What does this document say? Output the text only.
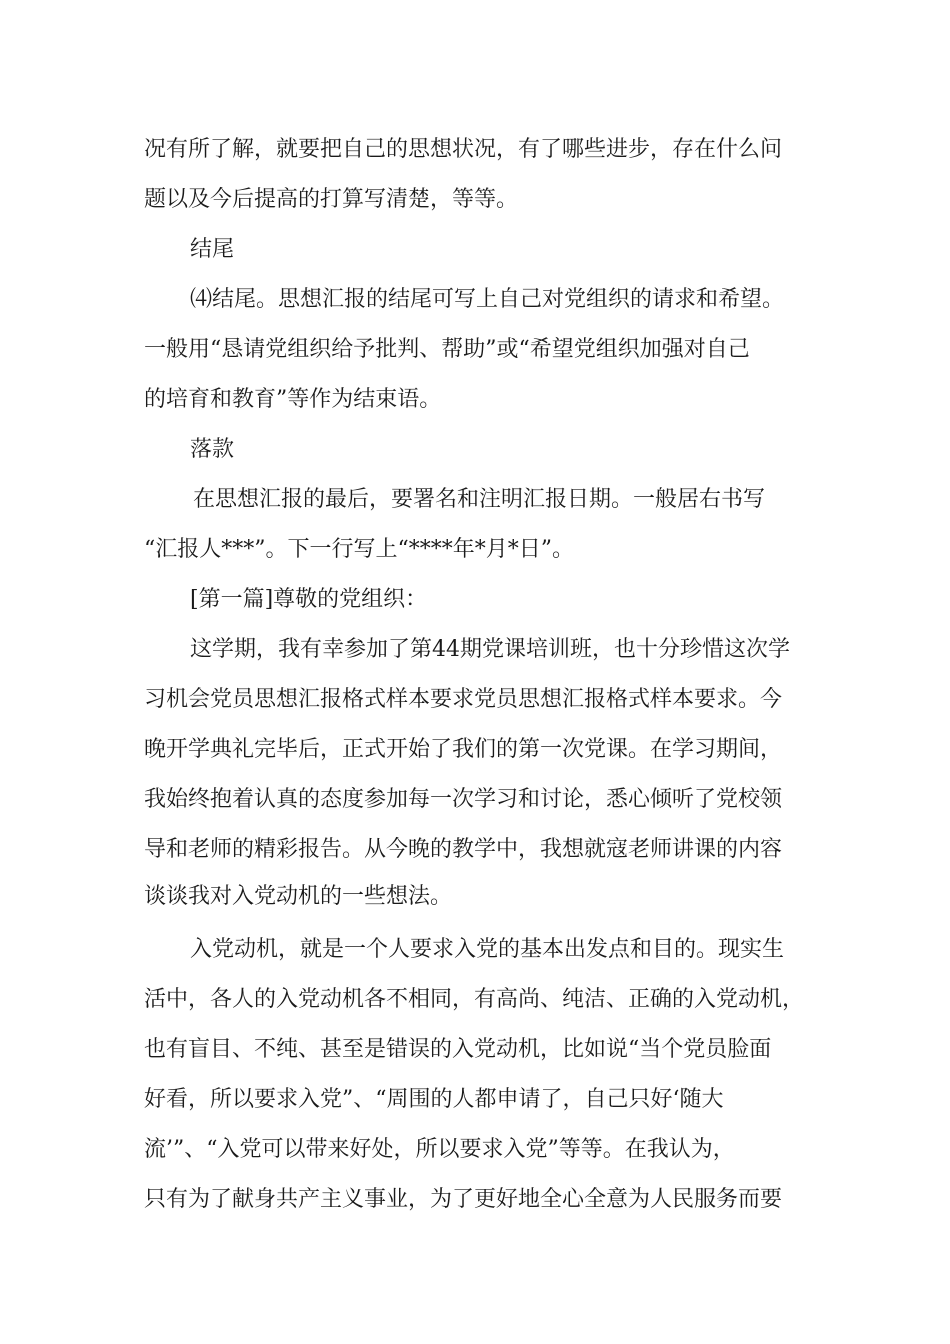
况有所了解，就要把自己的思想状况，有了哪些进步，存在什么问
题以及今后提高的打算写清楚，等等。
结尾
⑷结尾。思想汇报的结尾可写上自己对党组织的请求和希望。
一般用“恳请党组织给予批判、帮助”或“希望党组织加强对自己
的培育和教育”等作为结束语。
落款
在思想汇报的最后，要署名和注明汇报日期。一般居右书写
“汇报人***”。下一行写上“****年*月*日”。
[第一篇]尊敬的党组织：
这学期，我有幸参加了第44期党课培训班，也十分珍惜这次学
习机会党员思想汇报格式样本要求党员思想汇报格式样本要求。今
晚开学典礼完毕后，正式开始了我们的第一次党课。在学习期间，
我始终抱着认真的态度参加每一次学习和讨论，悉心倾听了党校领
导和老师的精彩报告。从今晚的教学中，我想就寇老师讲课的内容
谈谈我对入党动机的一些想法。
入党动机，就是一个人要求入党的基本出发点和目的。现实生
活中，各人的入党动机各不相同，有高尚、纯洁、正确的入党动机，
也有盲目、不纯、甚至是错误的入党动机，比如说“当个党员脸面
好看，所以要求入党”、“周围的人都申请了，自己只好‘随大
流’”、“入党可以带来好处，所以要求入党”等等。在我认为，
只有为了献身共产主义事业，为了更好地全心全意为人民服务而要
